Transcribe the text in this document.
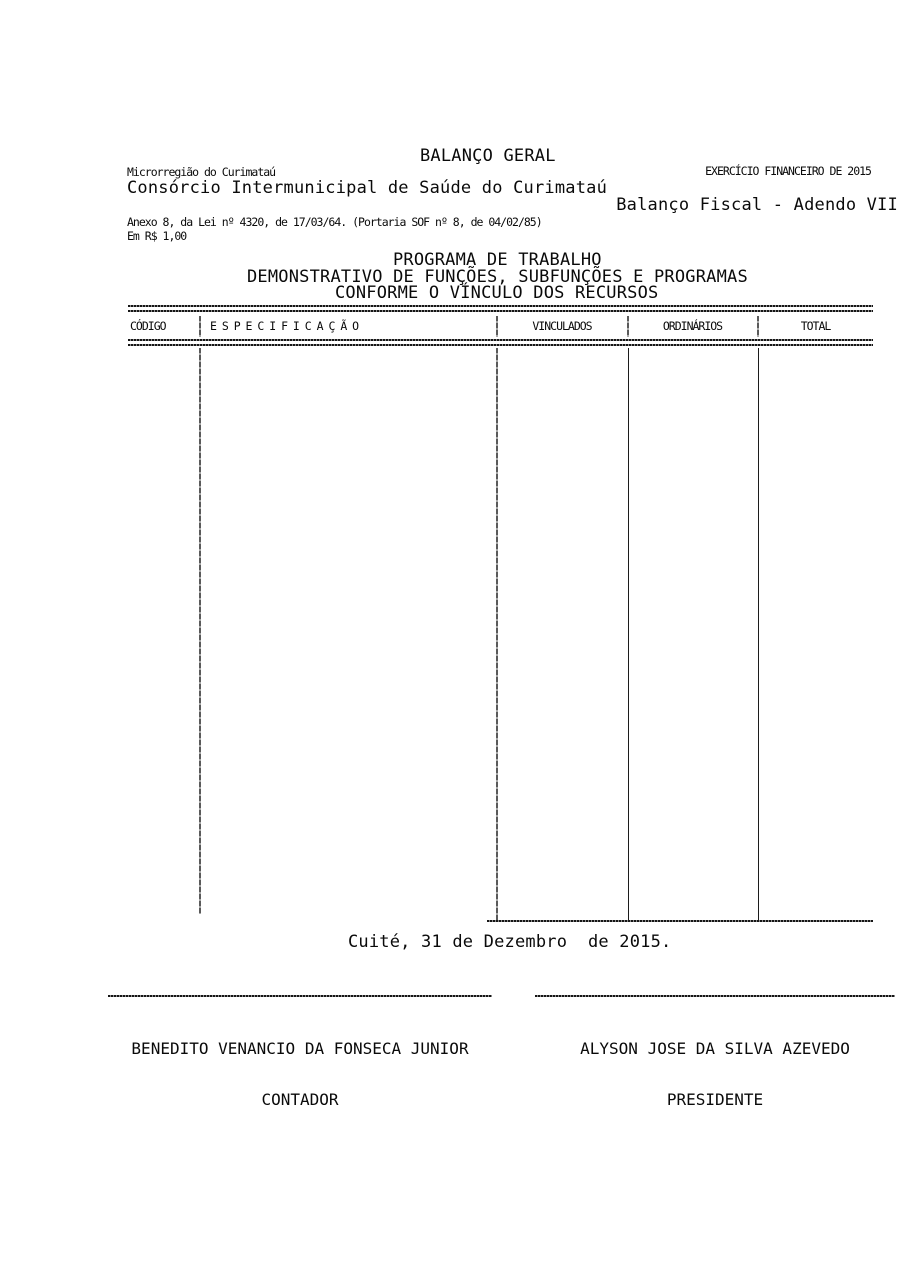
BALANÇO GERAL
Microrregião do Curimataú
Consórcio Intermunicipal de Saúde do Curimataú
EXERCÍCIO FINANCEIRO DE 2015
Balanço Fiscal - Adendo VII
Anexo 8, da Lei nº 4320, de 17/03/64. (Portaria SOF nº 8, de 04/02/85)
Em R$ 1,00
PROGRAMA DE TRABALHO
DEMONSTRATIVO DE FUNÇÕES, SUBFUNÇÕES E PROGRAMAS
CONFORME O VÍNCULO DOS RECURSOS
CÓDIGO	E S P E C I F I C A Ç Ã O	VINCULADOS	ORDINÁRIOS	TOTAL
Cuité, 31 de Dezembro  de 2015.

BENEDITO VENANCIO DA FONSECA JUNIOR

CONTADOR

ALYSON JOSE DA SILVA AZEVEDO

PRESIDENTE
